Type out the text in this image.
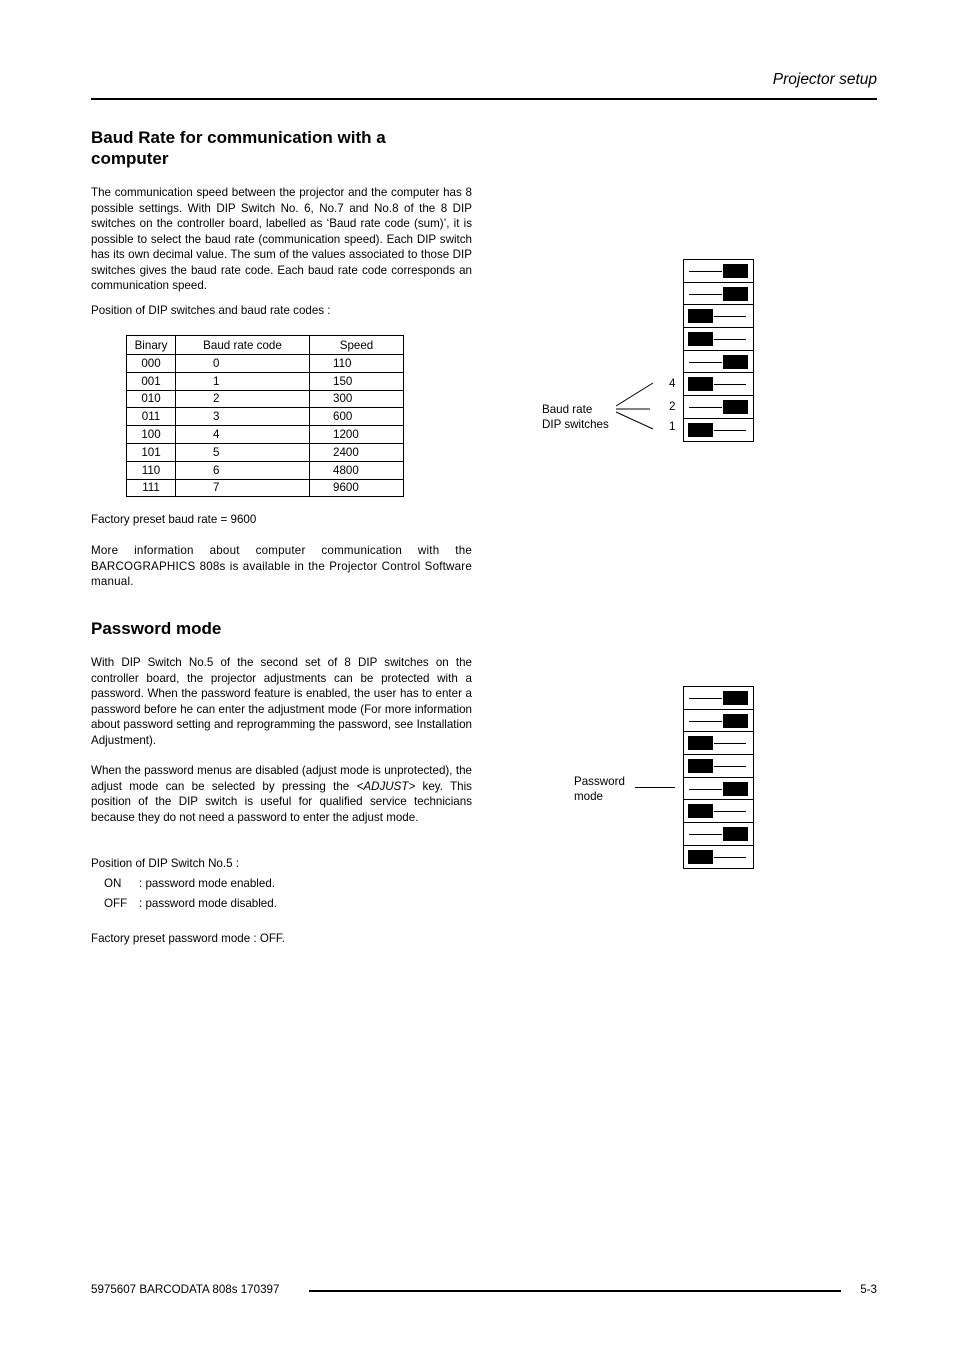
Projector setup
Baud Rate for communication with a computer
The communication speed between the projector and the computer has 8 possible settings. With DIP Switch No. 6, No.7 and No.8 of the 8 DIP switches on the controller board, labelled as ‘Baud rate code (sum)’, it is possible to select the baud rate (communication speed). Each DIP switch has its own decimal value. The sum of the values associated to those DIP switches gives the baud rate code. Each baud rate code corresponds an communication speed.
Position of DIP switches and baud rate codes :
Binary	Baud rate code	Speed
000	0	110
001	1	150
010	2	300
011	3	600
100	4	1200
101	5	2400
110	6	4800
111	7	9600
Factory preset baud rate = 9600
More information about computer communication with the BARCOGRAPHICS 808s is available in the Projector Control Software manual.
Password mode
With DIP Switch No.5 of the second set of 8 DIP switches on the controller board, the projector adjustments can be protected with a password. When the password feature is enabled, the user has to enter a password before he can enter the adjustment mode (For more information about password setting and reprogramming the password, see Installation Adjustment).
When the password menus are disabled (adjust mode is unprotected), the adjust mode can be selected by pressing the <ADJUST> key. This position of the DIP switch is useful for qualified service technicians because they do not need a password to enter the adjust mode.
Position of DIP Switch No.5 :
ON : password mode enabled.
OFF : password mode disabled.
Factory preset password mode : OFF.
Baud rate
DIP switches
4
2
1
Password
mode
5975607 BARCODATA 808s 170397	5-3
